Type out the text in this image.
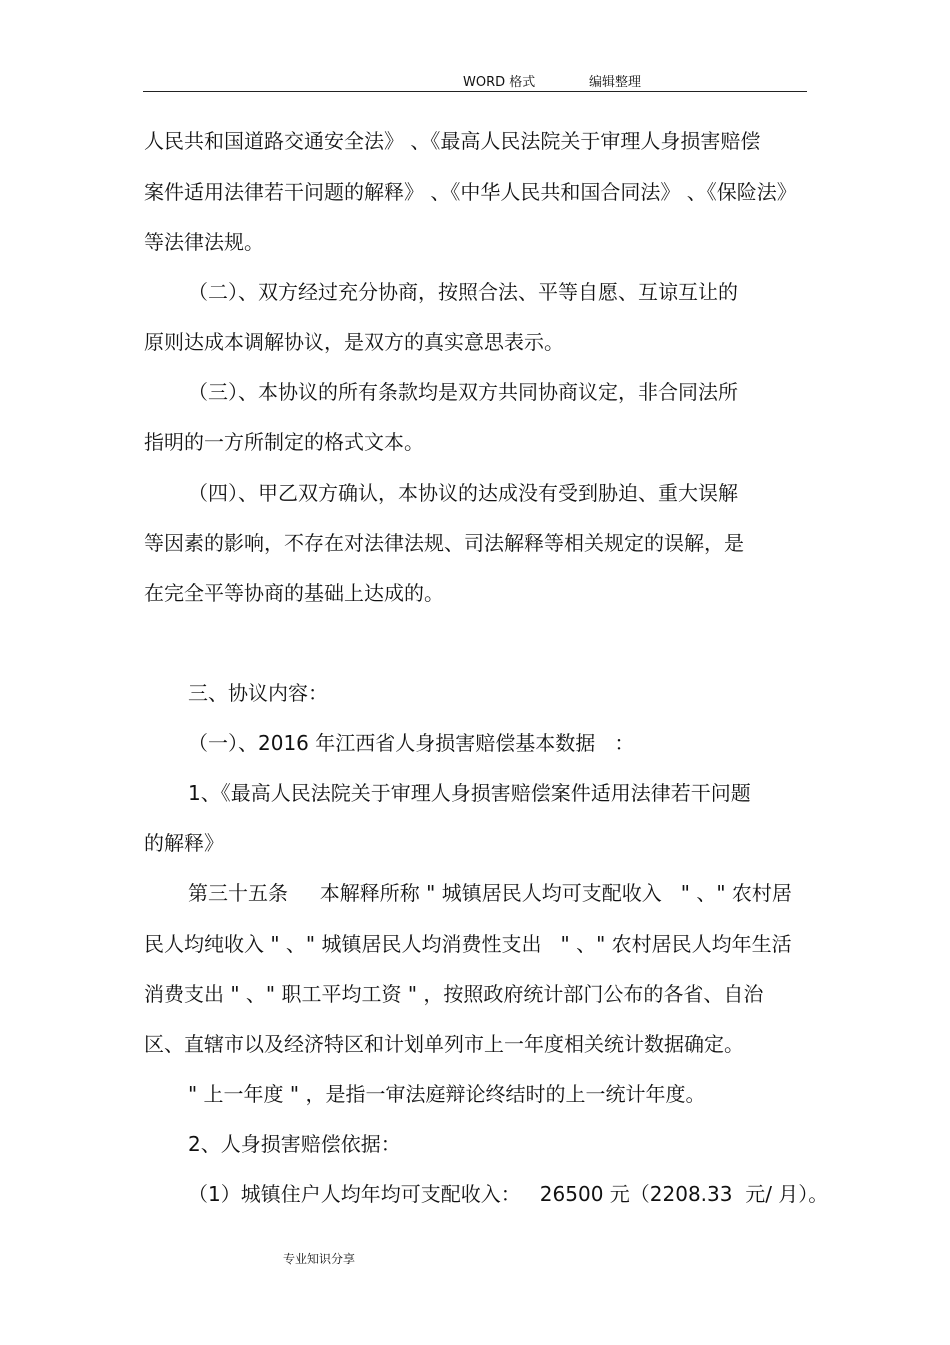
WORD 格式	编辑整理
人民共和国道路交通安全法》 、《最高人民法院关于审理人身损害赔偿
案件适用法律若干问题的解释》 、《中华人民共和国合同法》 、《保险法》
等法律法规。
（二）、双方经过充分协商，按照合法、平等自愿、互谅互让的
原则达成本调解协议，是双方的真实意思表示。
（三）、本协议的所有条款均是双方共同协商议定，非合同法所
指明的一方所制定的格式文本。
（四）、甲乙双方确认，本协议的达成没有受到胁迫、重大误解
等因素的影响，不存在对法律法规、司法解释等相关规定的误解，是
在完全平等协商的基础上达成的。
三、协议内容：
（一）、2016 年江西省人身损害赔偿基本数据   ：
1、《最高人民法院关于审理人身损害赔偿案件适用法律若干问题
的解释》
第三十五条     本解释所称 " 城镇居民人均可支配收入   " 、" 农村居
民人均纯收入 " 、" 城镇居民人均消费性支出   " 、" 农村居民人均年生活
消费支出 " 、" 职工平均工资 " ，按照政府统计部门公布的各省、自治
区、直辖市以及经济特区和计划单列市上一年度相关统计数据确定。
" 上一年度 " ，是指一审法庭辩论终结时的上一统计年度。
2、人身损害赔偿依据：
（1）城镇住户人均年均可支配收入：   26500 元（2208.33  元/ 月）。
专业知识分享
